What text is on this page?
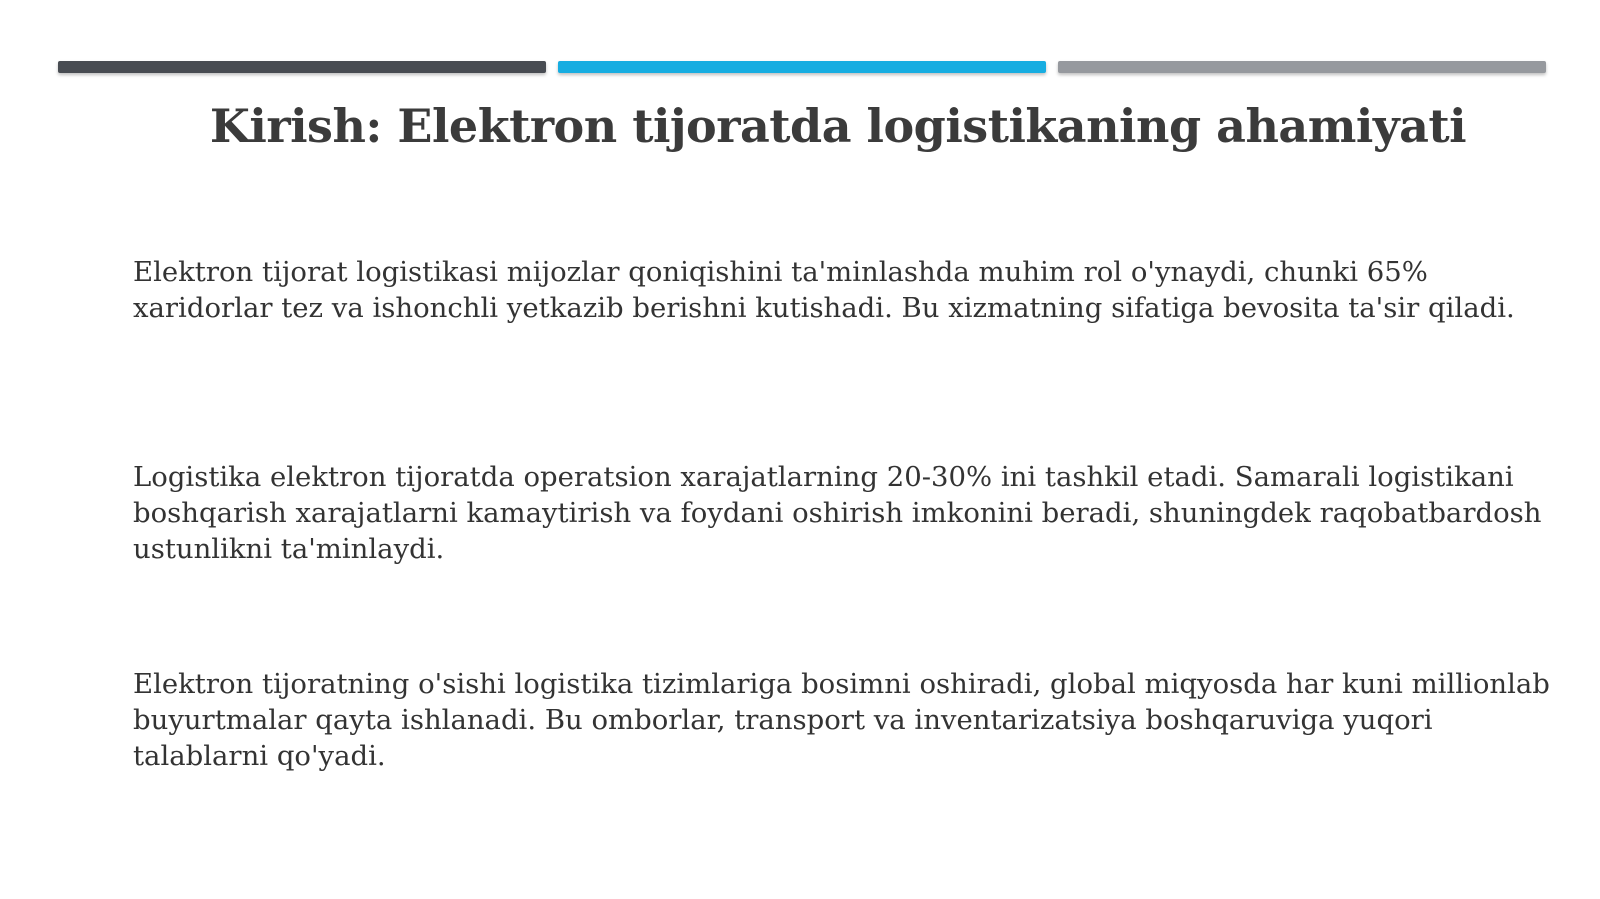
Kirish: Elektron tijoratda logistikaning ahamiyati

Elektron tijorat logistikasi mijozlar qoniqishini ta'minlashda muhim rol o'ynaydi, chunki 65% xaridorlar tez va ishonchli yetkazib berishni kutishadi. Bu xizmatning sifatiga bevosita ta'sir qiladi.

Logistika elektron tijoratda operatsion xarajatlarning 20-30% ini tashkil etadi. Samarali logistikani boshqarish xarajatlarni kamaytirish va foydani oshirish imkonini beradi, shuningdek raqobatbardosh ustunlikni ta'minlaydi.

Elektron tijoratning o'sishi logistika tizimlariga bosimni oshiradi, global miqyosda har kuni millionlab buyurtmalar qayta ishlanadi. Bu omborlar, transport va inventarizatsiya boshqaruviga yuqori talablarni qo'yadi.
